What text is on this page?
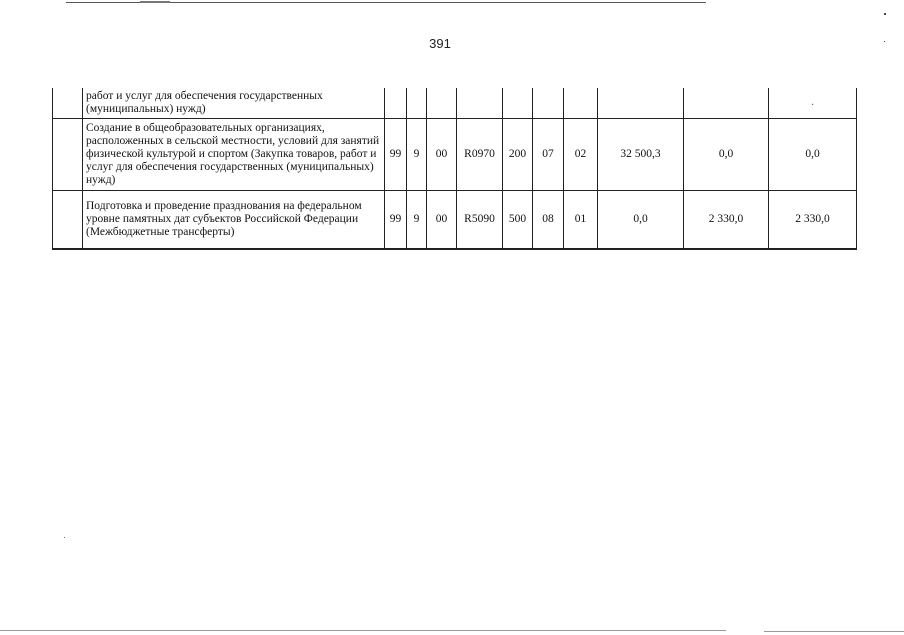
391
	работ и услуг для обеспечения государственных (муниципальных) нужд)										.
	Создание в общеобразовательных организациях, расположенных в сельской местности, условий для занятий физической культурой и спортом (Закупка товаров, работ и услуг для обеспечения государственных (муниципальных) нужд)	99	9	00	R0970	200	07	02	32 500,3	0,0	0,0
	Подготовка и проведение празднования на федеральном уровне памятных дат субъектов Российской Федерации (Межбюджетные трансферты)	99	9	00	R5090	500	08	01	0,0	2 330,0	2 330,0
